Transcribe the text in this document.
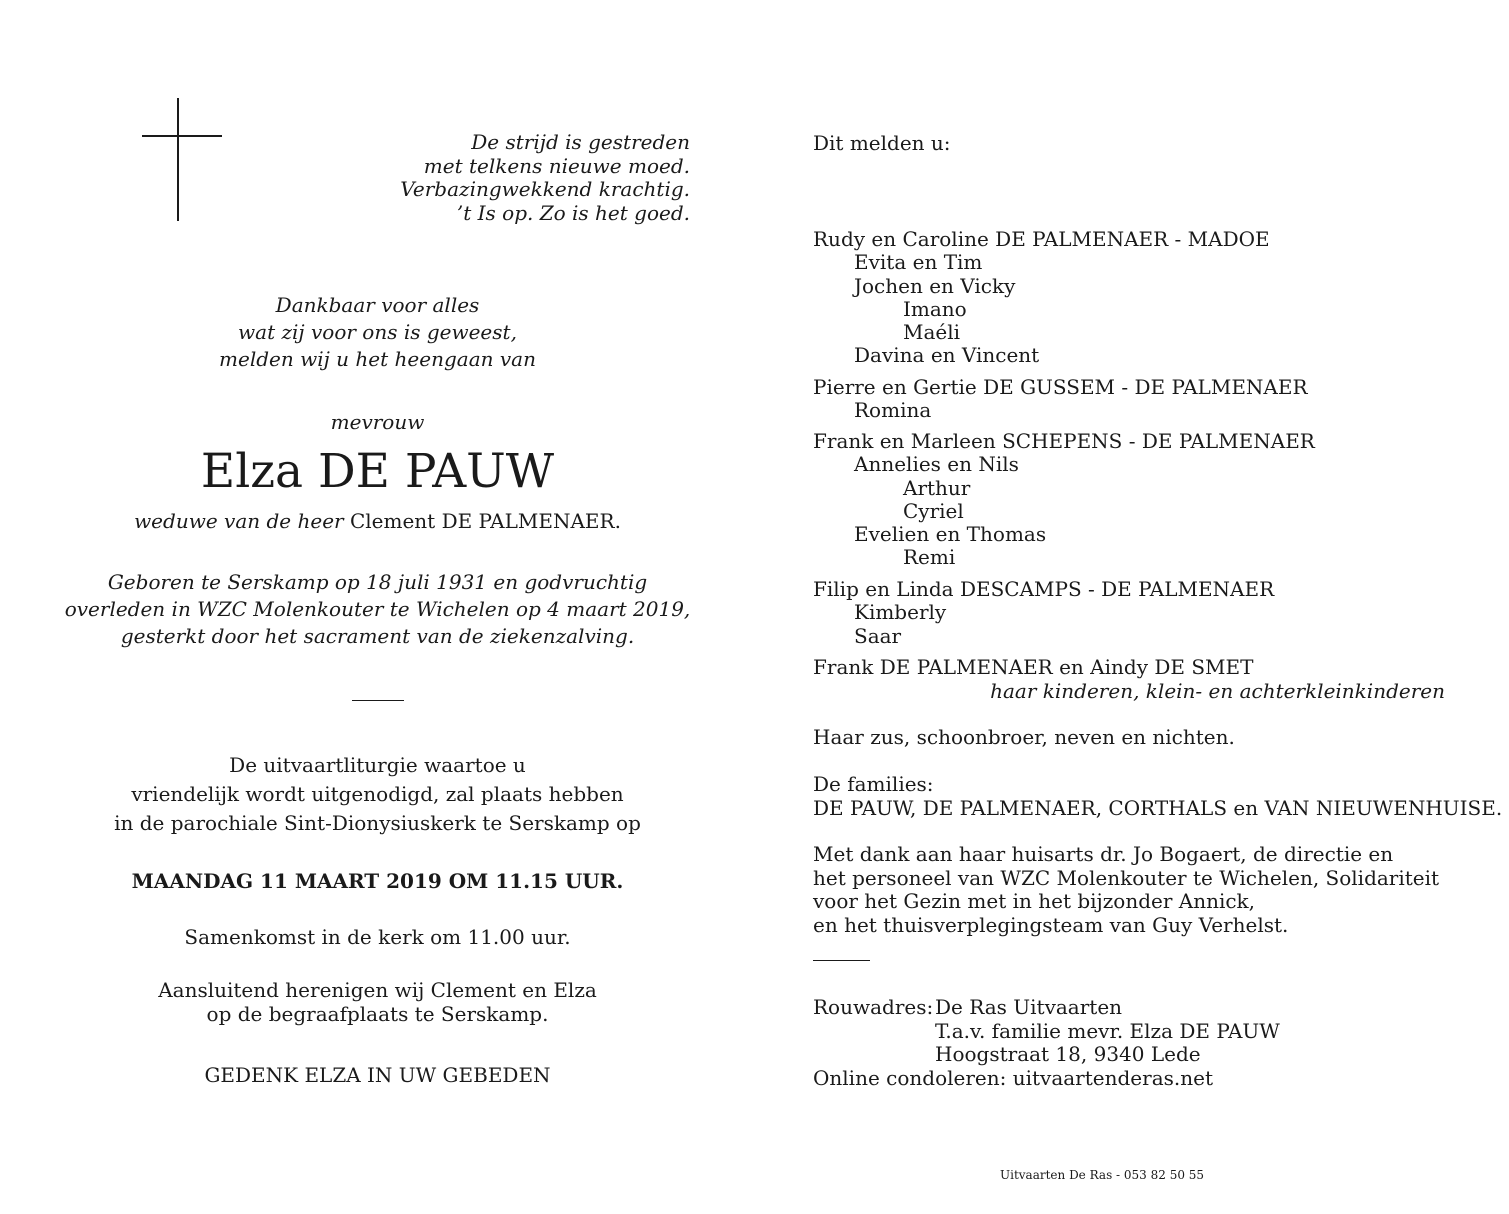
De strijd is gestreden
met telkens nieuwe moed.
Verbazingwekkend krachtig.
’t Is op. Zo is het goed.
Dankbaar voor alles
wat zij voor ons is geweest,
melden wij u het heengaan van
mevrouw
Elza DE PAUW
weduwe van de heer Clement DE PALMENAER.
Geboren te Serskamp op 18 juli 1931 en godvruchtig
overleden in WZC Molenkouter te Wichelen op 4 maart 2019,
gesterkt door het sacrament van de ziekenzalving.
De uitvaartliturgie waartoe u
vriendelijk wordt uitgenodigd, zal plaats hebben
in de parochiale Sint-Dionysiuskerk te Serskamp op
MAANDAG 11 MAART 2019 OM 11.15 UUR.
Samenkomst in de kerk om 11.00 uur.
Aansluitend herenigen wij Clement en Elza
op de begraafplaats te Serskamp.
GEDENK ELZA IN UW GEBEDEN
Dit melden u:
Rudy en Caroline DE PALMENAER - MADOE
Evita en Tim
Jochen en Vicky
Imano
Maéli
Davina en Vincent
Pierre en Gertie DE GUSSEM - DE PALMENAER
Romina
Frank en Marleen SCHEPENS - DE PALMENAER
Annelies en Nils
Arthur
Cyriel
Evelien en Thomas
Remi
Filip en Linda DESCAMPS - DE PALMENAER
Kimberly
Saar
Frank DE PALMENAER en Aindy DE SMET
haar kinderen, klein- en achterkleinkinderen
Haar zus, schoonbroer, neven en nichten.
De families:
DE PAUW, DE PALMENAER, CORTHALS en VAN NIEUWENHUISE.
Met dank aan haar huisarts dr. Jo Bogaert, de directie en
het personeel van WZC Molenkouter te Wichelen, Solidariteit
voor het Gezin met in het bijzonder Annick,
en het thuisverplegingsteam van Guy Verhelst.
Rouwadres: De Ras Uitvaarten
T.a.v. familie mevr. Elza DE PAUW
Hoogstraat 18, 9340 Lede
Online condoleren: uitvaartenderas.net
Uitvaarten De Ras - 053 82 50 55
